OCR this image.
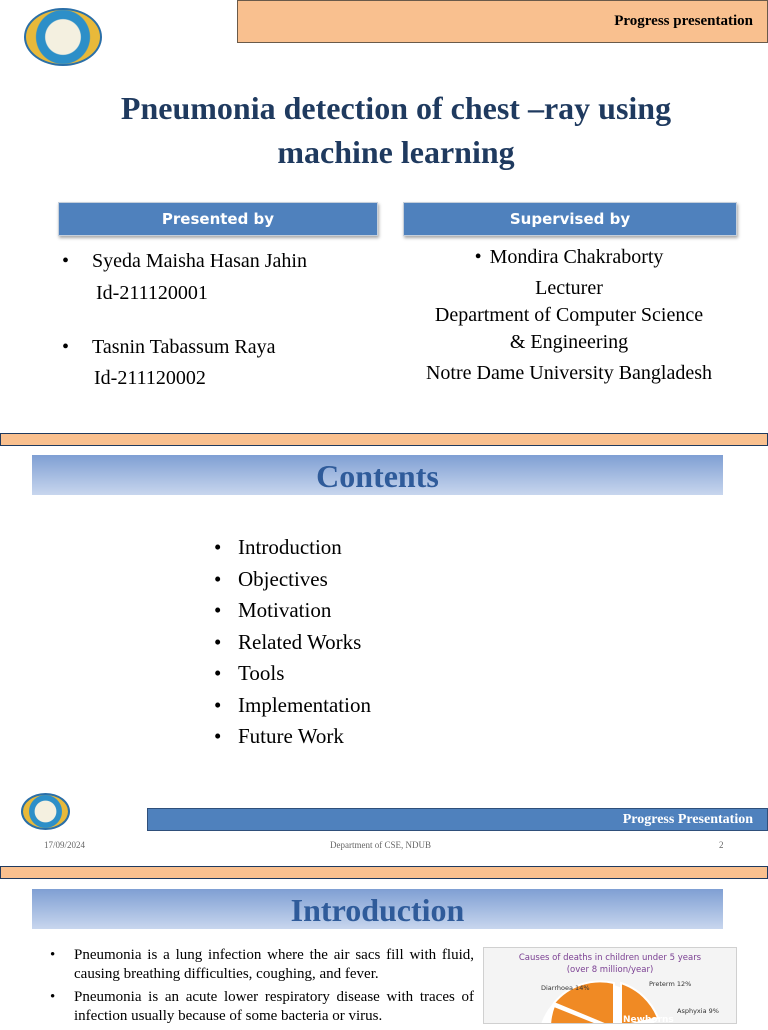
Progress presentation
Pneumonia detection of chest –ray using machine learning
Presented by	Supervised by
• Syeda Maisha Hasan Jahin
Id-211120001
• Tasnin Tabassum Raya
Id-211120002
• Mondira Chakraborty
Lecturer
Department of Computer Science
& Engineering
Notre Dame University Bangladesh
Contents
• Introduction
• Objectives
• Motivation
• Related Works
• Tools
• Implementation
• Future Work
Progress Presentation
17/09/2024	Department of CSE, NDUB	2
Introduction
• Pneumonia is a lung infection where the air sacs fill with fluid, causing breathing difficulties, coughing, and fever.
• Pneumonia is an acute lower respiratory disease with traces of infection usually because of some bacteria or virus.
Causes of deaths in children under 5 years
(over 8 million/year)
Diarrhoea 14%	Preterm 12%
Asphyxia 9%
Newborns
